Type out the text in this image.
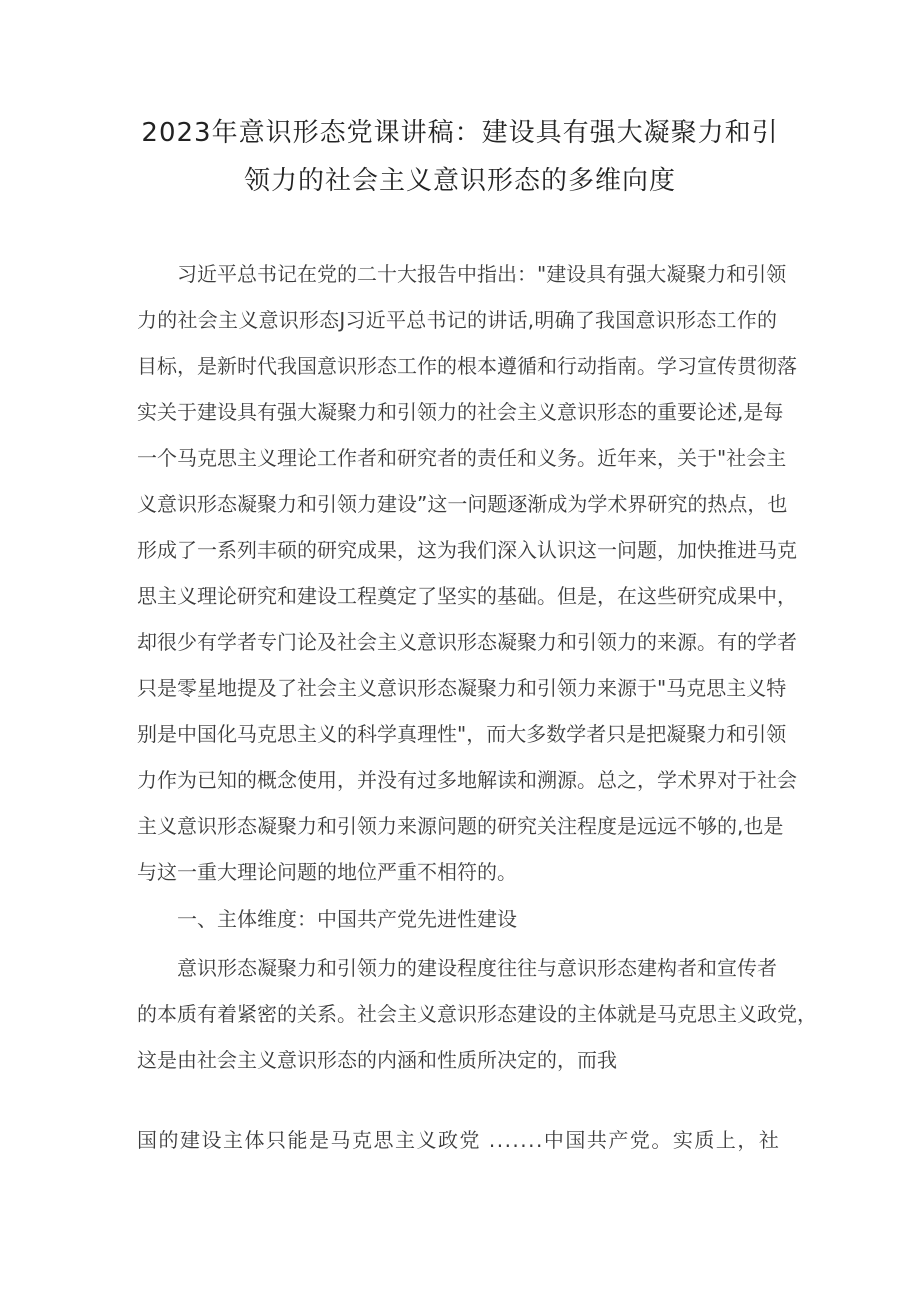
2023年意识形态党课讲稿：建设具有强大凝聚力和引
领力的社会主义意识形态的多维向度
习近平总书记在党的二十大报告中指出："建设具有强大凝聚力和引领
力的社会主义意识形态J习近平总书记的讲话,明确了我国意识形态工作的
目标，是新时代我国意识形态工作的根本遵循和行动指南。学习宣传贯彻落
实关于建设具有强大凝聚力和引领力的社会主义意识形态的重要论述,是每
一个马克思主义理论工作者和研究者的责任和义务。近年来，关于"社会主
义意识形态凝聚力和引领力建设”这一问题逐渐成为学术界研究的热点，也
形成了一系列丰硕的研究成果，这为我们深入认识这一问题，加快推进马克
思主义理论研究和建设工程奠定了坚实的基础。但是，在这些研究成果中，
却很少有学者专门论及社会主义意识形态凝聚力和引领力的来源。有的学者
只是零星地提及了社会主义意识形态凝聚力和引领力来源于"马克思主义特
别是中国化马克思主义的科学真理性"，而大多数学者只是把凝聚力和引领
力作为已知的概念使用，并没有过多地解读和溯源。总之，学术界对于社会
主义意识形态凝聚力和引领力来源问题的研究关注程度是远远不够的,也是
与这一重大理论问题的地位严重不相符的。
一、主体维度：中国共产党先进性建设
意识形态凝聚力和引领力的建设程度往往与意识形态建构者和宣传者
的本质有着紧密的关系。社会主义意识形态建设的主体就是马克思主义政党，
这是由社会主义意识形态的内涵和性质所决定的，而我
国的建设主体只能是马克思主义政党 .......中国共产党。实质上，社
